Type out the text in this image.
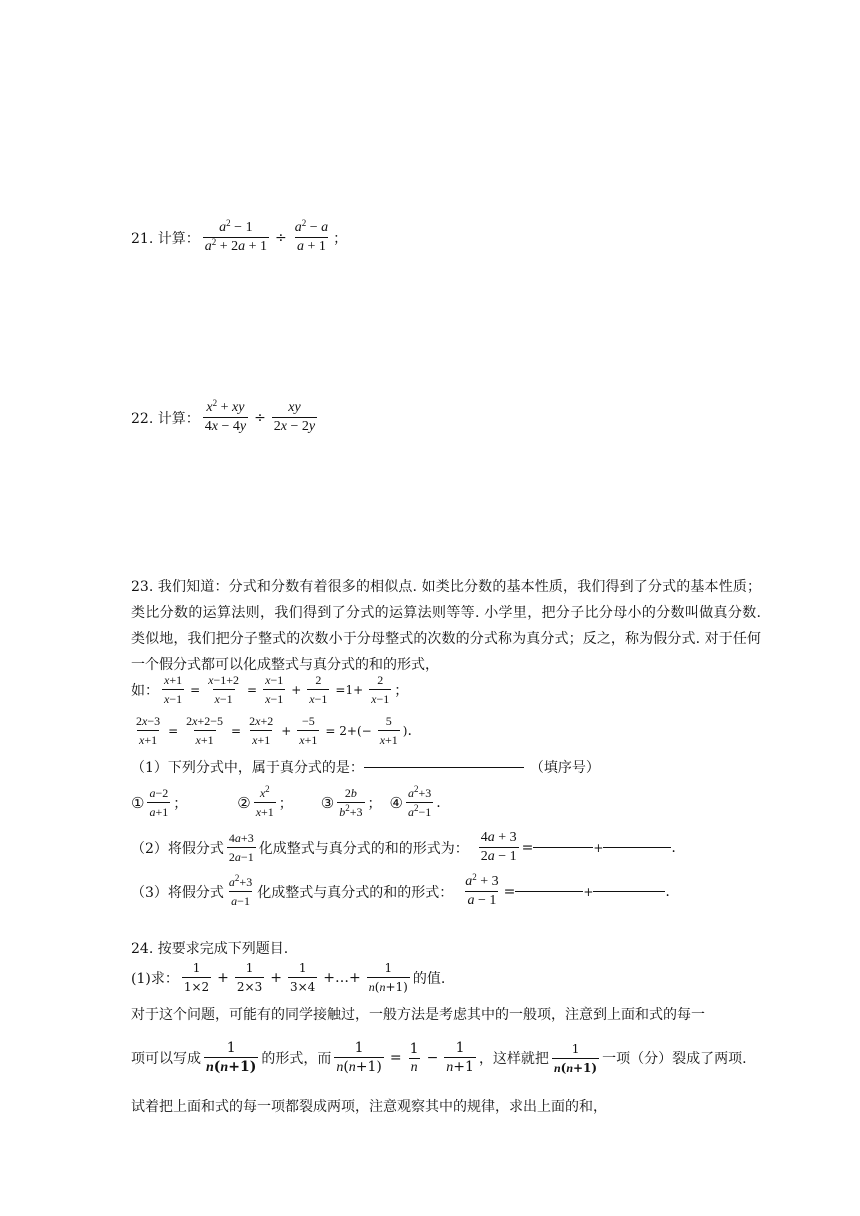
21. 计算： $\frac{a^2 - 1}{a^2 + 2a + 1} \div \frac{a^2 - a}{a + 1}$ ；
22. 计算： $\frac{x^2 + xy}{4x - 4y} \div \frac{xy}{2x - 2y}$
23. 我们知道：分式和分数有着很多的相似点. 如类比分数的基本性质，我们得到了分式的基本性质；类比分数的运算法则，我们得到了分式的运算法则等等. 小学里，把分子比分母小的分数叫做真分数. 类似地，我们把分子整式的次数小于分母整式的次数的分式称为真分式；反之，称为假分式. 对于任何一个假分式都可以化成整式与真分式的和的形式，
如： $\frac{x+1}{x-1} = \frac{x-1+2}{x-1} = \frac{x-1}{x-1} + \frac{2}{x-1} =1+ \frac{2}{x-1}$ ；
$\frac{2x-3}{x+1} = \frac{2x+2-5}{x+1} = \frac{2x+2}{x+1} + \frac{-5}{x+1} = 2+(- \frac{5}{x+1}$ ) .
（1）下列分式中，属于真分式的是：	（填序号）
① $\frac{a-2}{a+1}$ ；	② $\frac{x^2}{x+1}$ ； ③ $\frac{2b}{b^2+3}$ ； ④ $\frac{a^2+3}{a^2-1}$ .
（2）将假分式 $\frac{4a+3}{2a-1}$ 化成整式与真分式的和的形式为： $\frac{4a + 3}{2a - 1}$ =	+	.
（3）将假分式 $\frac{a^2+3}{a-1}$ 化成整式与真分式的和的形式： $\frac{a^2 + 3}{a - 1}$ =	+	.
24. 按要求完成下列题目.
(1)求： $\frac{1}{1\times 2} + \frac{1}{2\times 3} + \frac{1}{3\times 4}$ +…+ $\frac{1}{n(n+1)}$ 的值.
对于这个问题，可能有的同学接触过，一般方法是考虑其中的一般项，注意到上面和式的每一
项可以写成 $\frac{1}{n(n+1)}$ 的形式，而 $\frac{1}{n(n+1)} = \frac{1}{n} - \frac{1}{n+1}$ ，这样就把 $\frac{1}{n(n+1)}$ 一项（分）裂成了两项.
试着把上面和式的每一项都裂成两项，注意观察其中的规律，求出上面的和，
